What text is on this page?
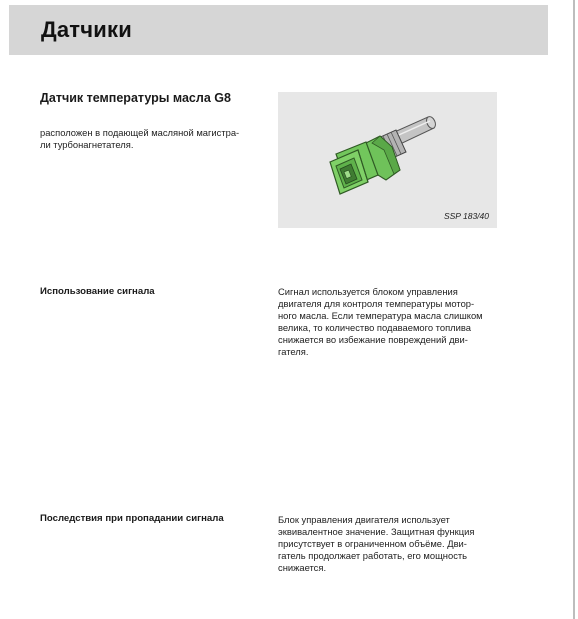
Датчики
Датчик температуры масла G8
расположен в подающей масляной магистра-
ли турбонагнетателя.
SSP 183/40
Использование сигнала	Сигнал используется блоком управления
двигателя для контроля температуры мотор-
ного масла. Если температура масла слишком
велика, то количество подаваемого топлива
снижается во избежание повреждений дви-
гателя.
Последствия при пропадании сигнала	Блок управления двигателя использует
эквивалентное значение. Защитная функция
присутствует в ограниченном объёме. Дви-
гатель продолжает работать, его мощность
снижается.
